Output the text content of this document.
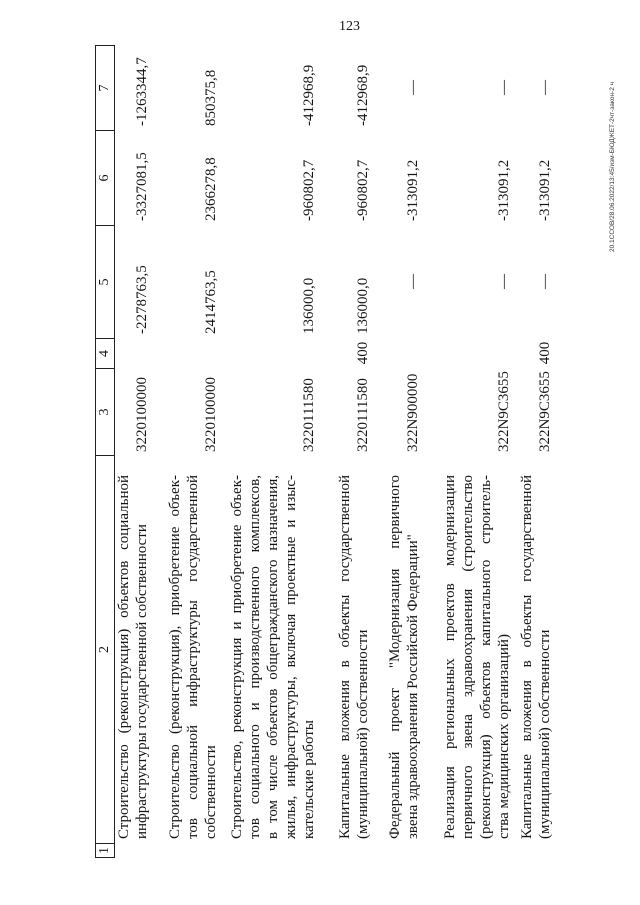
123
20.1ССОВ/28.06.2022/13:45/изм-БЮДЖЕТ-2чт-закон-2 ч
1
2
3
4
5
6
7
Строительство (реконструкция) объектов социальной инфраструктуры государственной собственности
3220100000
-2278763,5
-3327081,5
-1263344,7
Строительство (реконструкция), приобретение объек- тов социальной инфраструктуры государственной собственности
3220100000
2414763,5
2366278,8
850375,8
Строительство, реконструкция и приобретение объек- тов социального и производственного комплексов, в том числе объектов общегражданского назначения, жилья, инфраструктуры, включая проектные и изыс- кательские работы
3220111580
136000,0
-960802,7
-412968,9
Капитальные вложения в объекты государственной (муниципальной) собственности
3220111580
400
136000,0
-960802,7
-412968,9
Федеральный проект "Модернизация первичного звена здравоохранения Российской Федерации"
322N900000
—
-313091,2
—
Реализация региональных проектов модернизации первичного звена здравоохранения (строительство (реконструкция) объектов капитального строитель- ства медицинских организаций)
322N9C3655
—
-313091,2
—
Капитальные вложения в объекты государственной (муниципальной) собственности
322N9C3655
400
—
-313091,2
—
